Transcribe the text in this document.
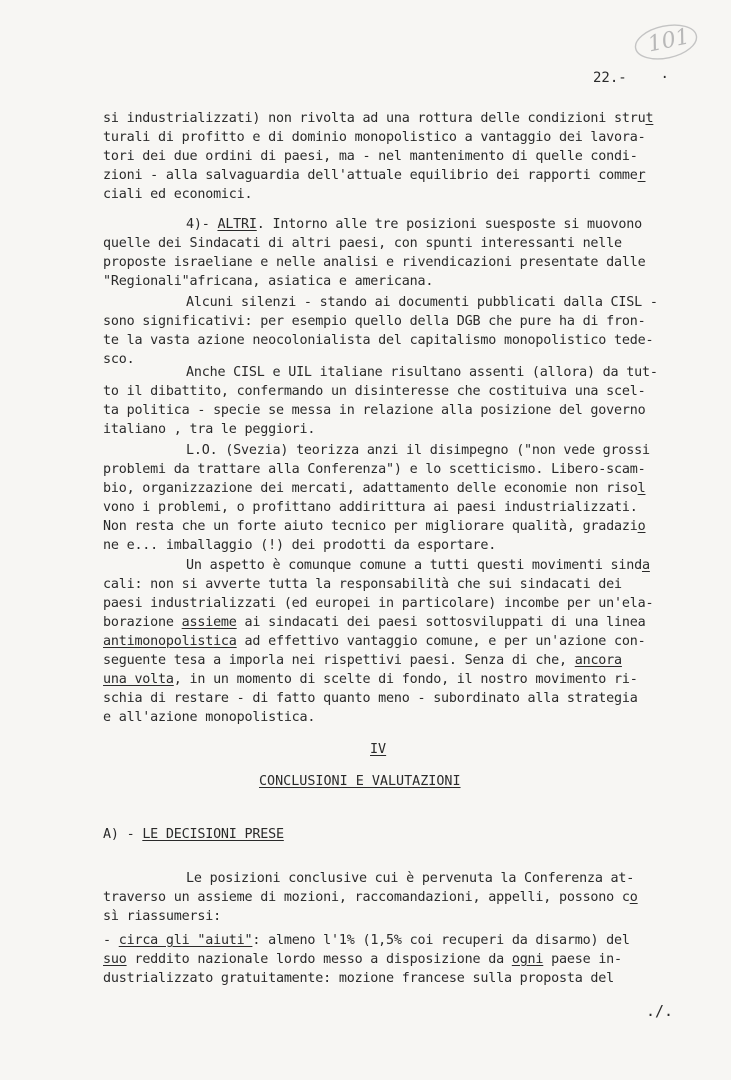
101
22.- ·
si industrializzati) non rivolta ad una rottura delle condizioni strut
turali di profitto e di dominio monopolistico a vantaggio dei lavora-
tori dei due ordini di paesi, ma - nel mantenimento di quelle condi-
zioni - alla salvaguardia dell'attuale equilibrio dei rapporti commer
ciali ed economici.
4)- ALTRI. Intorno alle tre posizioni suesposte si muovono
quelle dei Sindacati di altri paesi, con spunti interessanti nelle
proposte israeliane e nelle analisi e rivendicazioni presentate dalle
"Regionali"africana, asiatica e americana.
Alcuni silenzi - stando ai documenti pubblicati dalla CISL -
sono significativi: per esempio quello della DGB che pure ha di fron-
te la vasta azione neocolonialista del capitalismo monopolistico tede-
sco.
Anche CISL e UIL italiane risultano assenti (allora) da tut-
to il dibattito, confermando un disinteresse che costituiva una scel-
ta politica - specie se messa in relazione alla posizione del governo
italiano , tra le peggiori.
L.O. (Svezia) teorizza anzi il disimpegno ("non vede grossi
problemi da trattare alla Conferenza") e lo scetticismo. Libero-scam-
bio, organizzazione dei mercati, adattamento delle economie non risol
vono i problemi, o profittano addirittura ai paesi industrializzati.
Non resta che un forte aiuto tecnico per migliorare qualità, gradazio
ne e... imballaggio (!) dei prodotti da esportare.
Un aspetto è comunque comune a tutti questi movimenti sinda
cali: non si avverte tutta la responsabilità che sui sindacati dei
paesi industrializzati (ed europei in particolare) incombe per un'ela-
borazione assieme ai sindacati dei paesi sottosviluppati di una linea
antimonopolistica ad effettivo vantaggio comune, e per un'azione con-
seguente tesa a imporla nei rispettivi paesi. Senza di che, ancora
una volta, in un momento di scelte di fondo, il nostro movimento ri-
schia di restare - di fatto quanto meno - subordinato alla strategia
e all'azione monopolistica.
IV
CONCLUSIONI E VALUTAZIONI
A) - LE DECISIONI PRESE
Le posizioni conclusive cui è pervenuta la Conferenza at-
traverso un assieme di mozioni, raccomandazioni, appelli, possono co
sì riassumersi:
- circa gli "aiuti": almeno l'1% (1,5% coi recuperi da disarmo) del
suo reddito nazionale lordo messo a disposizione da ogni paese in-
dustrializzato gratuitamente: mozione francese sulla proposta del
./.
